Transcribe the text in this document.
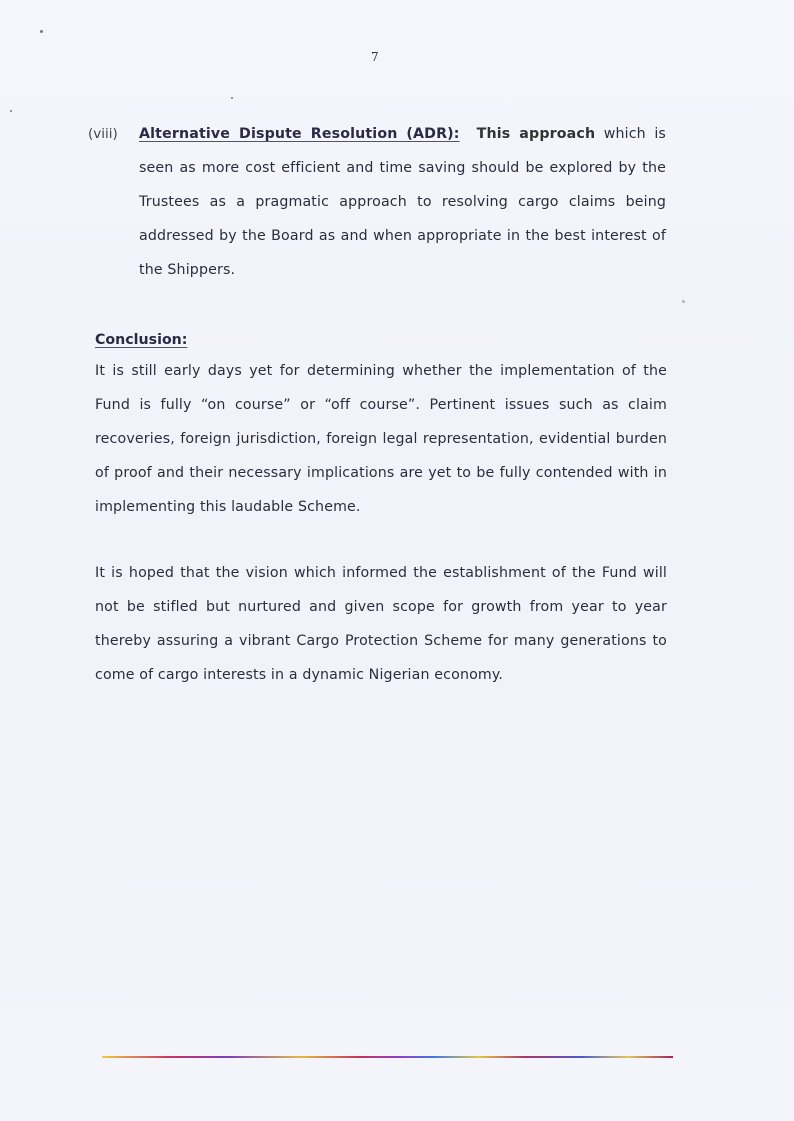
7
(viii) Alternative Dispute Resolution (ADR): This approach which is seen as more cost efficient and time saving should be explored by the Trustees as a pragmatic approach to resolving cargo claims being addressed by the Board as and when appropriate in the best interest of the Shippers.

Conclusion:

It is still early days yet for determining whether the implementation of the Fund is fully “on course” or “off course”. Pertinent issues such as claim recoveries, foreign jurisdiction, foreign legal representation, evidential burden of proof and their necessary implications are yet to be fully contended with in implementing this laudable Scheme.

It is hoped that the vision which informed the establishment of the Fund will not be stifled but nurtured and given scope for growth from year to year thereby assuring a vibrant Cargo Protection Scheme for many generations to come of cargo interests in a dynamic Nigerian economy.
